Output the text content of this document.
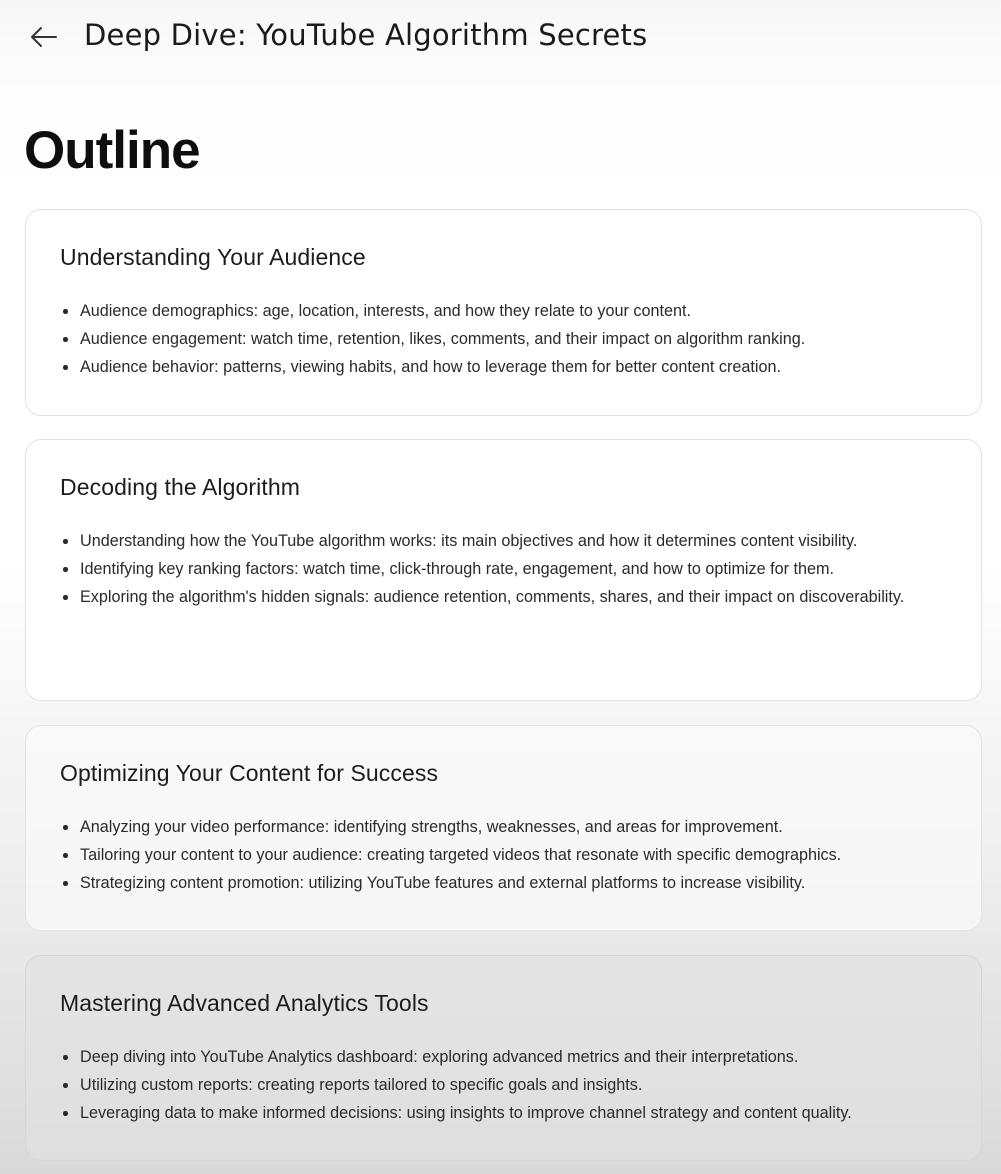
Deep Dive: YouTube Algorithm Secrets
Outline
Understanding Your Audience
Audience demographics: age, location, interests, and how they relate to your content.
Audience engagement: watch time, retention, likes, comments, and their impact on algorithm ranking.
Audience behavior: patterns, viewing habits, and how to leverage them for better content creation.
Decoding the Algorithm
Understanding how the YouTube algorithm works: its main objectives and how it determines content visibility.
Identifying key ranking factors: watch time, click-through rate, engagement, and how to optimize for them.
Exploring the algorithm's hidden signals: audience retention, comments, shares, and their impact on discoverability.
Optimizing Your Content for Success
Analyzing your video performance: identifying strengths, weaknesses, and areas for improvement.
Tailoring your content to your audience: creating targeted videos that resonate with specific demographics.
Strategizing content promotion: utilizing YouTube features and external platforms to increase visibility.
Mastering Advanced Analytics Tools
Deep diving into YouTube Analytics dashboard: exploring advanced metrics and their interpretations.
Utilizing custom reports: creating reports tailored to specific goals and insights.
Leveraging data to make informed decisions: using insights to improve channel strategy and content quality.
